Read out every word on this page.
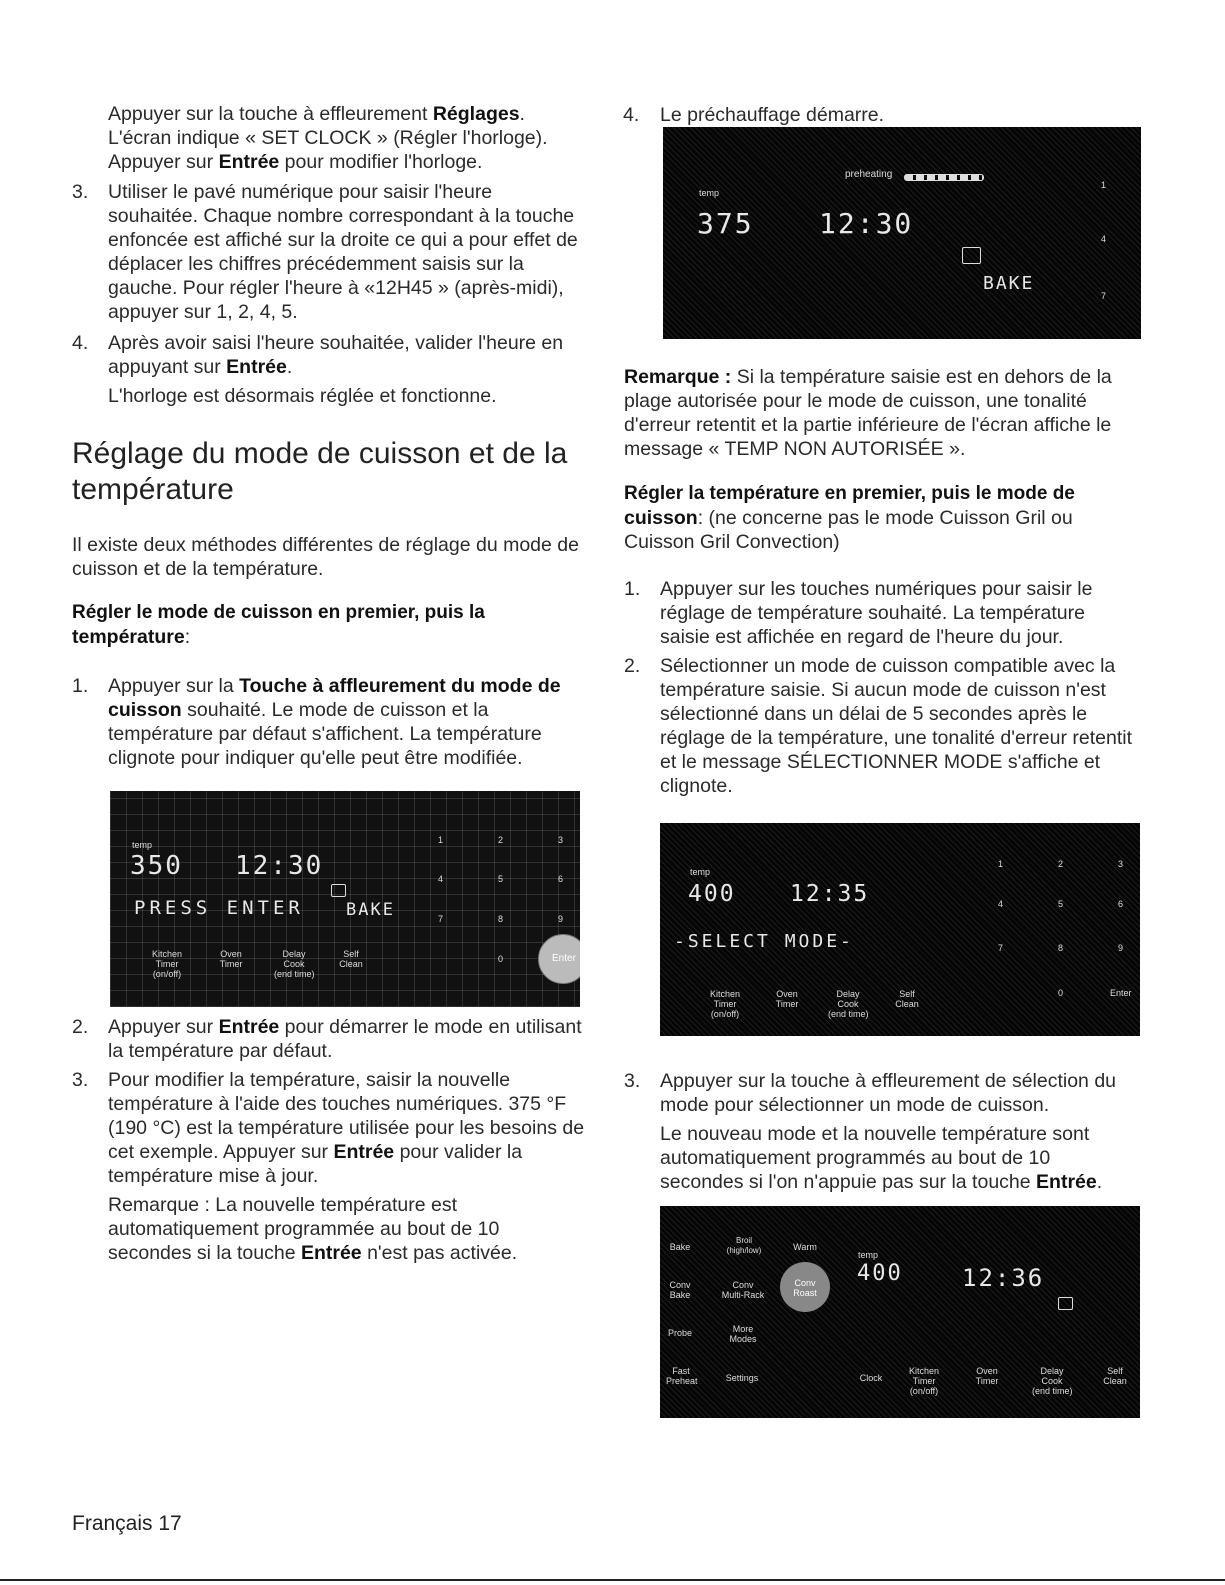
Appuyer sur la touche à effleurement Réglages.
L'écran indique « SET CLOCK » (Régler l'horloge).
Appuyer sur Entrée pour modifier l'horloge.
3. Utiliser le pavé numérique pour saisir l'heure
souhaitée. Chaque nombre correspondant à la touche
enfoncée est affiché sur la droite ce qui a pour effet de
déplacer les chiffres précédemment saisis sur la
gauche. Pour régler l'heure à «12H45 » (après-midi),
appuyer sur 1, 2, 4, 5.
4. Après avoir saisi l'heure souhaitée, valider l'heure en
appuyant sur Entrée.
L'horloge est désormais réglée et fonctionne.
Réglage du mode de cuisson et de la
température
Il existe deux méthodes différentes de réglage du mode de
cuisson et de la température.
Régler le mode de cuisson en premier, puis la
température:
1. Appuyer sur la Touche à affleurement du mode de
cuisson souhaité. Le mode de cuisson et la
température par défaut s'affichent. La température
clignote pour indiquer qu'elle peut être modifiée.
temp
350 12:30
PRESS ENTER BAKE
1	2	3
4	5	6
7	8	9
0	Enter
Kitchen
Timer
(on/off)
Oven
Timer
Delay
Cook
(end time)
Self
Clean
2. Appuyer sur Entrée pour démarrer le mode en utilisant
la température par défaut.
3. Pour modifier la température, saisir la nouvelle
température à l'aide des touches numériques. 375 °F
(190 °C) est la température utilisée pour les besoins de
cet exemple. Appuyer sur Entrée pour valider la
température mise à jour.
Remarque : La nouvelle température est
automatiquement programmée au bout de 10
secondes si la touche Entrée n'est pas activée.
4. Le préchauffage démarre.
preheating
temp
375 12:30
BAKE
1
4
7
Remarque : Si la température saisie est en dehors de la
plage autorisée pour le mode de cuisson, une tonalité
d'erreur retentit et la partie inférieure de l'écran affiche le
message « TEMP NON AUTORISÉE ».
Régler la température en premier, puis le mode de
cuisson: (ne concerne pas le mode Cuisson Gril ou
Cuisson Gril Convection)
1. Appuyer sur les touches numériques pour saisir le
réglage de température souhaité. La température
saisie est affichée en regard de l'heure du jour.
2. Sélectionner un mode de cuisson compatible avec la
température saisie. Si aucun mode de cuisson n'est
sélectionné dans un délai de 5 secondes après le
réglage de la température, une tonalité d'erreur retentit
et le message SÉLECTIONNER MODE s'affiche et
clignote.
temp
400 12:35
-SELECT MODE-
1	2	3
4	5	6
7	8	9
0	Enter
Kitchen
Timer
(on/off)
Oven
Timer
Delay
Cook
(end time)
Self
Clean
3. Appuyer sur la touche à effleurement de sélection du
mode pour sélectionner un mode de cuisson.
Le nouveau mode et la nouvelle température sont
automatiquement programmés au bout de 10
secondes si l'on n'appuie pas sur la touche Entrée.
Bake
Broil
(high/low)	Warm
Conv
Bake
Conv
Multi-Rack
Conv
Roast
Probe	More
Modes
Fast
Preheat	Settings
temp
400 12:36
Clock
Kitchen
Timer
(on/off)
Oven
Timer
Delay
Cook
(end time)
Self
Clean
Français 17
